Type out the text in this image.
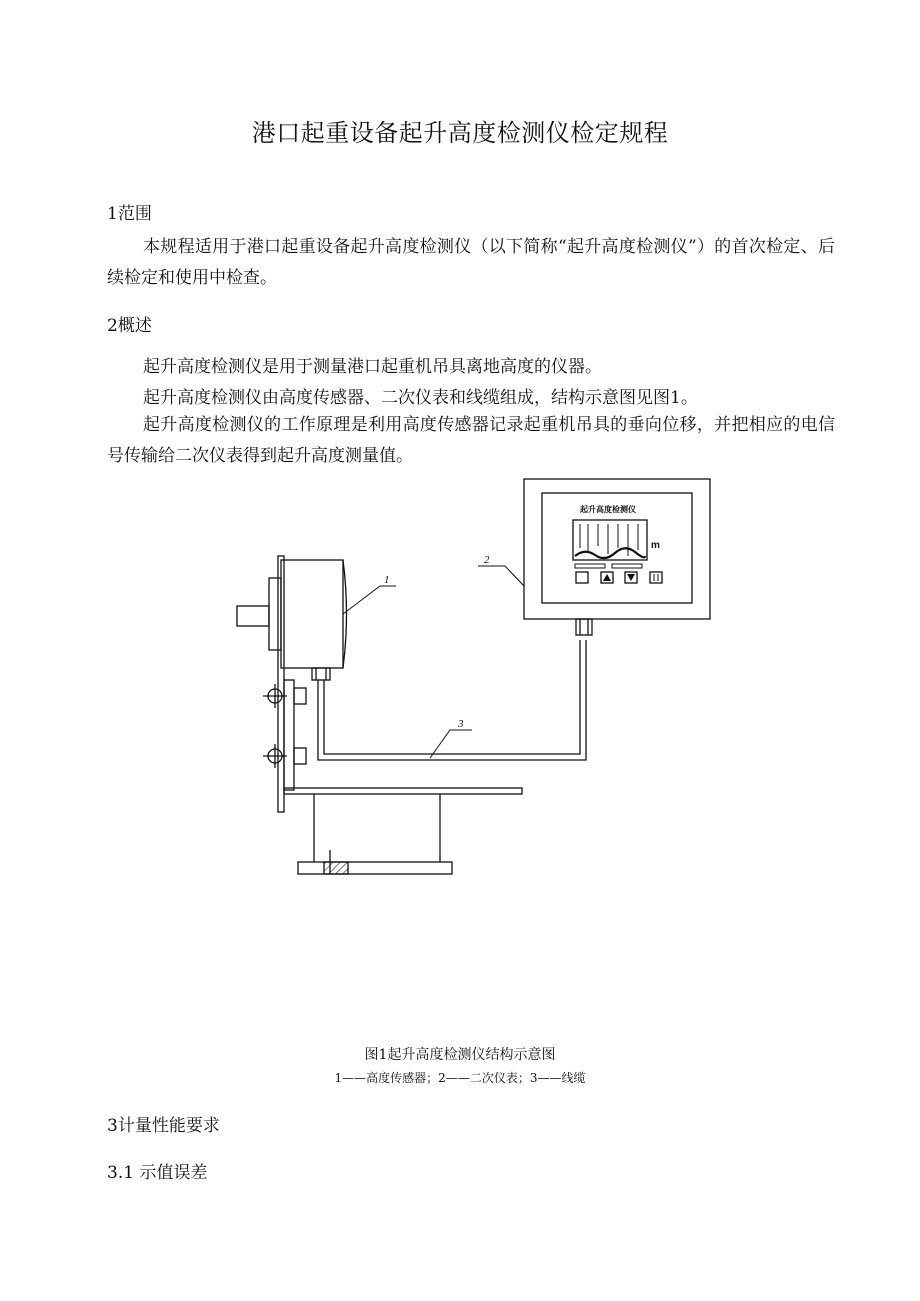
港口起重设备起升高度检测仪检定规程
1范围
本规程适用于港口起重设备起升高度检测仪（以下简称“起升高度检测仪”）的首次检定、后续检定和使用中检查。
2概述
起升高度检测仪是用于测量港口起重机吊具离地高度的仪器。
起升高度检测仪由高度传感器、二次仪表和线缆组成，结构示意图见图1。
起升高度检测仪的工作原理是利用高度传感器记录起重机吊具的垂向位移，并把相应的电信号传输给二次仪表得到起升高度测量值。
1
2
3
起升高度检测仪
m
图1起升高度检测仪结构示意图
1——高度传感器；2——二次仪表；3——线缆
3计量性能要求
3.1 示值误差
